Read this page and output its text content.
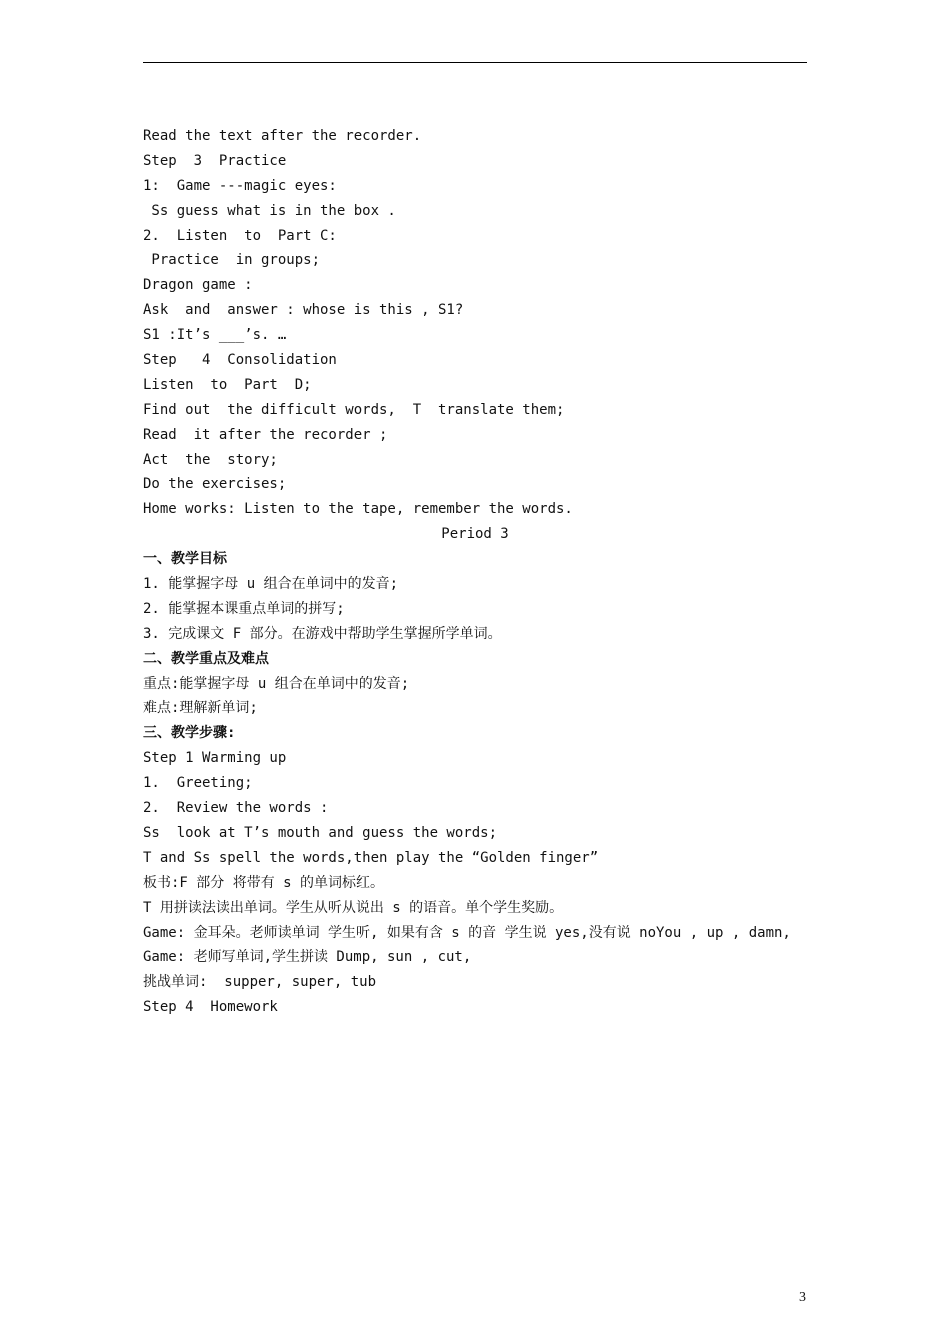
Read the text after the recorder.
Step  3  Practice
1:  Game ---magic eyes:
Ss guess what is in the box .
2.  Listen  to  Part C:
Practice  in groups;
Dragon game :
Ask  and  answer : whose is this , S1?
S1 :It’s ___’s. …
Step   4  Consolidation
Listen  to  Part  D;
Find out  the difficult words,  T  translate them;
Read  it after the recorder ;
Act  the  story;
Do the exercises;
Home works: Listen to the tape, remember the words.
Period 3
一、教学目标
1. 能掌握字母 u 组合在单词中的发音;
2. 能掌握本课重点单词的拼写;
3. 完成课文 F 部分。在游戏中帮助学生掌握所学单词。
二、教学重点及难点
重点:能掌握字母 u 组合在单词中的发音;
难点:理解新单词;
三、教学步骤:
Step 1 Warming up
1.  Greeting;
2.  Review the words :
Ss  look at T’s mouth and guess the words;
T and Ss spell the words,then play the “Golden finger”
板书:F 部分 将带有 s 的单词标红。
T 用拼读法读出单词。学生从听从说出 s 的语音。单个学生奖励。
Game: 金耳朵。老师读单词 学生听, 如果有含 s 的音 学生说 yes,没有说 noYou , up , damn,
Game: 老师写单词,学生拼读 Dump, sun , cut,
挑战单词:  supper, super, tub
Step 4  Homework
3
